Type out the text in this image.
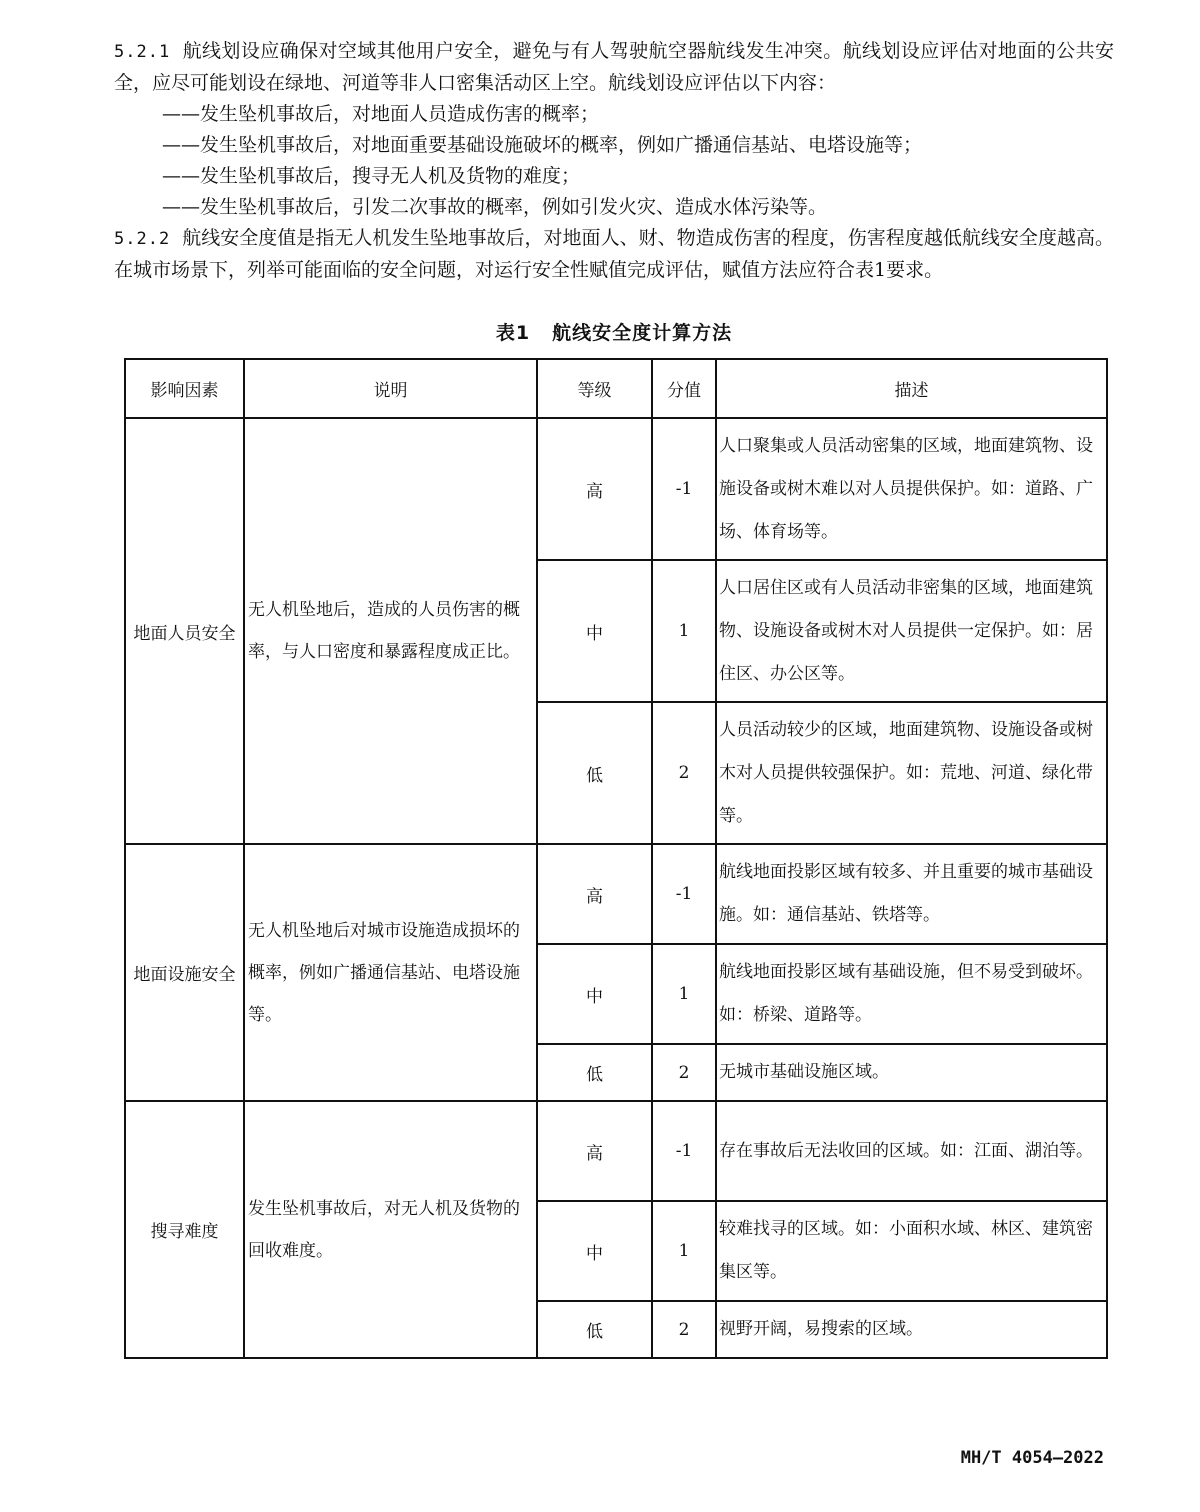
5.2.1 航线划设应确保对空域其他用户安全，避免与有人驾驶航空器航线发生冲突。航线划设应评估对地面的公共安全，应尽可能划设在绿地、河道等非人口密集活动区上空。航线划设应评估以下内容：

——发生坠机事故后，对地面人员造成伤害的概率；

——发生坠机事故后，对地面重要基础设施破坏的概率，例如广播通信基站、电塔设施等；

——发生坠机事故后，搜寻无人机及货物的难度；

——发生坠机事故后，引发二次事故的概率，例如引发火灾、造成水体污染等。

5.2.2 航线安全度值是指无人机发生坠地事故后，对地面人、财、物造成伤害的程度，伤害程度越低航线安全度越高。在城市场景下，列举可能面临的安全问题，对运行安全性赋值完成评估，赋值方法应符合表1要求。

表1 航线安全度计算方法
影响因素	说明	等级	分值	描述
地面人员安全	无人机坠地后，造成的人员伤害的概率，与人口密度和暴露程度成正比。	高	-1	人口聚集或人员活动密集的区域，地面建筑物、设施设备或树木难以对人员提供保护。如：道路、广场、体育场等。
		中	1	人口居住区或有人员活动非密集的区域，地面建筑物、设施设备或树木对人员提供一定保护。如：居住区、办公区等。
		低	2	人员活动较少的区域，地面建筑物、设施设备或树木对人员提供较强保护。如：荒地、河道、绿化带等。
地面设施安全	无人机坠地后对城市设施造成损坏的概率，例如广播通信基站、电塔设施等。	高	-1	航线地面投影区域有较多、并且重要的城市基础设施。如：通信基站、铁塔等。
		中	1	航线地面投影区域有基础设施，但不易受到破坏。如：桥梁、道路等。
		低	2	无城市基础设施区域。
搜寻难度	发生坠机事故后，对无人机及货物的回收难度。	高	-1	存在事故后无法收回的区域。如：江面、湖泊等。
		中	1	较难找寻的区域。如：小面积水域、林区、建筑密集区等。
		低	2	视野开阔，易搜索的区域。
MH/T 4054—2022
